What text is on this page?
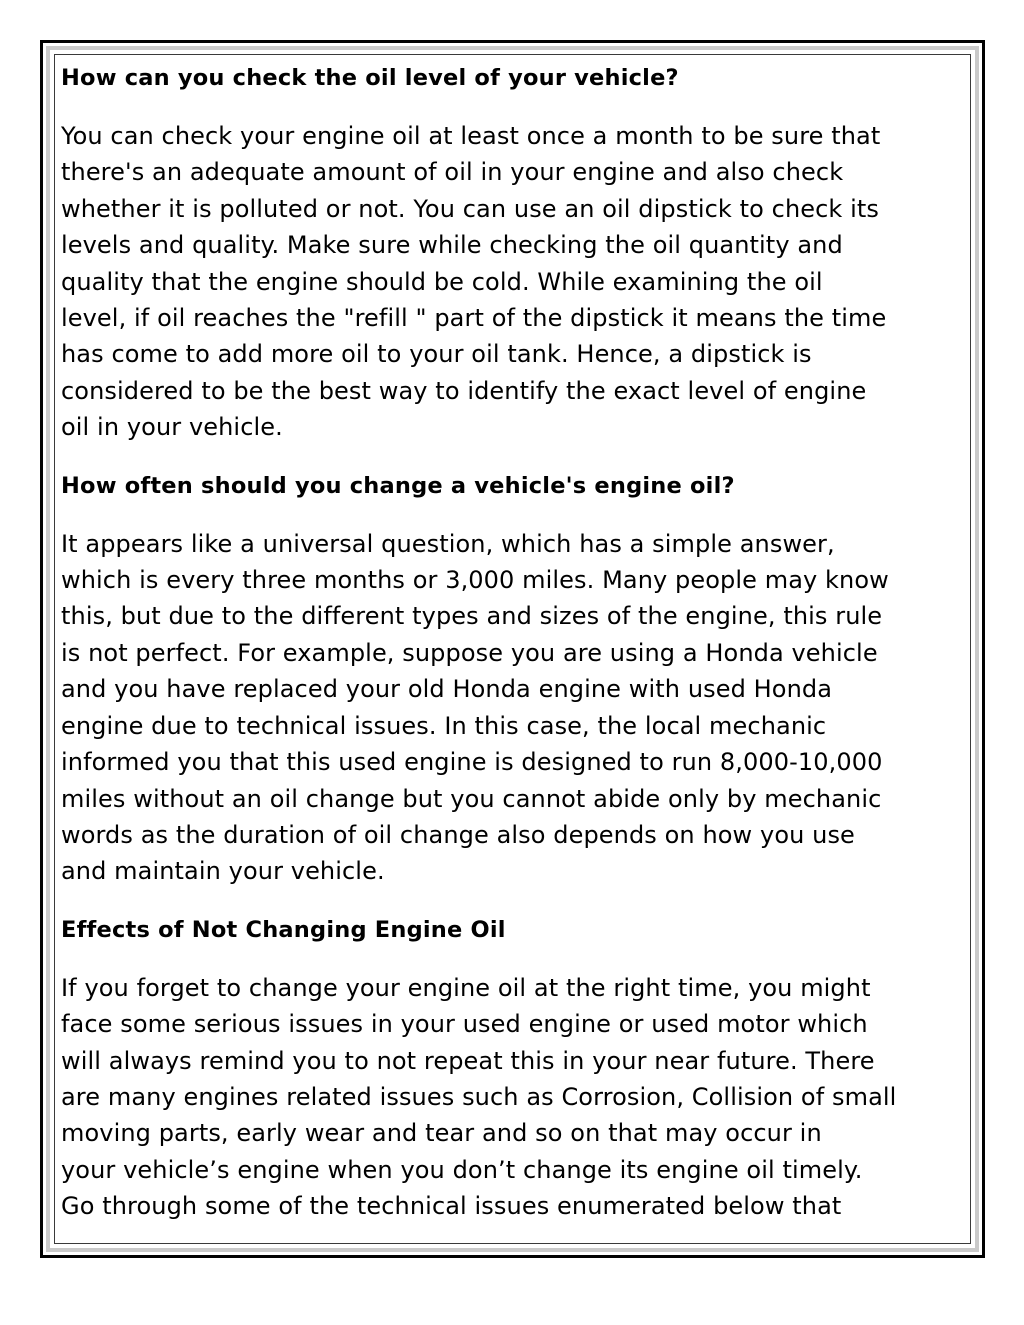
How can you check the oil level of your vehicle?
You can check your engine oil at least once a month to be sure that
there's an adequate amount of oil in your engine and also check
whether it is polluted or not. You can use an oil dipstick to check its
levels and quality. Make sure while checking the oil quantity and
quality that the engine should be cold. While examining the oil
level, if oil reaches the "refill " part of the dipstick it means the time
has come to add more oil to your oil tank. Hence, a dipstick is
considered to be the best way to identify the exact level of engine
oil in your vehicle.
How often should you change a vehicle's engine oil?
It appears like a universal question, which has a simple answer,
which is every three months or 3,000 miles. Many people may know
this, but due to the different types and sizes of the engine, this rule
is not perfect. For example, suppose you are using a Honda vehicle
and you have replaced your old Honda engine with used Honda
engine due to technical issues. In this case, the local mechanic
informed you that this used engine is designed to run 8,000-10,000
miles without an oil change but you cannot abide only by mechanic
words as the duration of oil change also depends on how you use
and maintain your vehicle.
Effects of Not Changing Engine Oil
If you forget to change your engine oil at the right time, you might
face some serious issues in your used engine or used motor which
will always remind you to not repeat this in your near future. There
are many engines related issues such as Corrosion, Collision of small
moving parts, early wear and tear and so on that may occur in
your vehicle’s engine when you don’t change its engine oil timely.
Go through some of the technical issues enumerated below that
